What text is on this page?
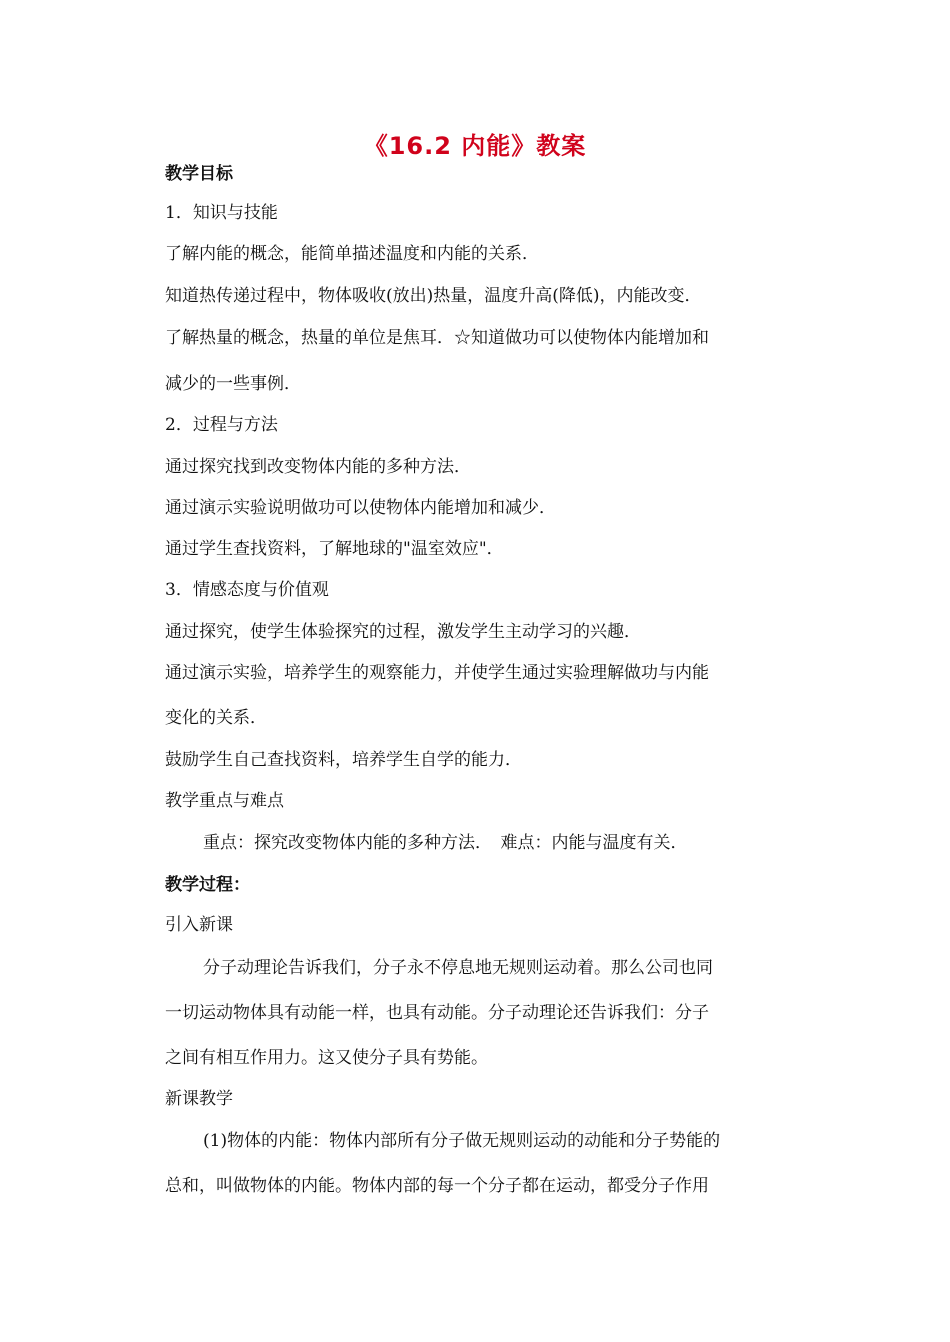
《16.2 内能》教案
教学目标
1．知识与技能
了解内能的概念，能简单描述温度和内能的关系．
知道热传递过程中，物体吸收(放出)热量，温度升高(降低)，内能改变．
了解热量的概念，热量的单位是焦耳．☆知道做功可以使物体内能增加和
减少的一些事例．
2．过程与方法
通过探究找到改变物体内能的多种方法．
通过演示实验说明做功可以使物体内能增加和减少．
通过学生查找资料，了解地球的"温室效应"．
3．情感态度与价值观
通过探究，使学生体验探究的过程，激发学生主动学习的兴趣．
通过演示实验，培养学生的观察能力，并使学生通过实验理解做功与内能
变化的关系．
鼓励学生自己查找资料，培养学生自学的能力．
教学重点与难点
重点：探究改变物体内能的多种方法．　难点：内能与温度有关．
教学过程：
引入新课
分子动理论告诉我们，分子永不停息地无规则运动着。那么公司也同
一切运动物体具有动能一样，也具有动能。分子动理论还告诉我们：分子
之间有相互作用力。这又使分子具有势能。
新课教学
(1)物体的内能：物体内部所有分子做无规则运动的动能和分子势能的
总和，叫做物体的内能。物体内部的每一个分子都在运动，都受分子作用
